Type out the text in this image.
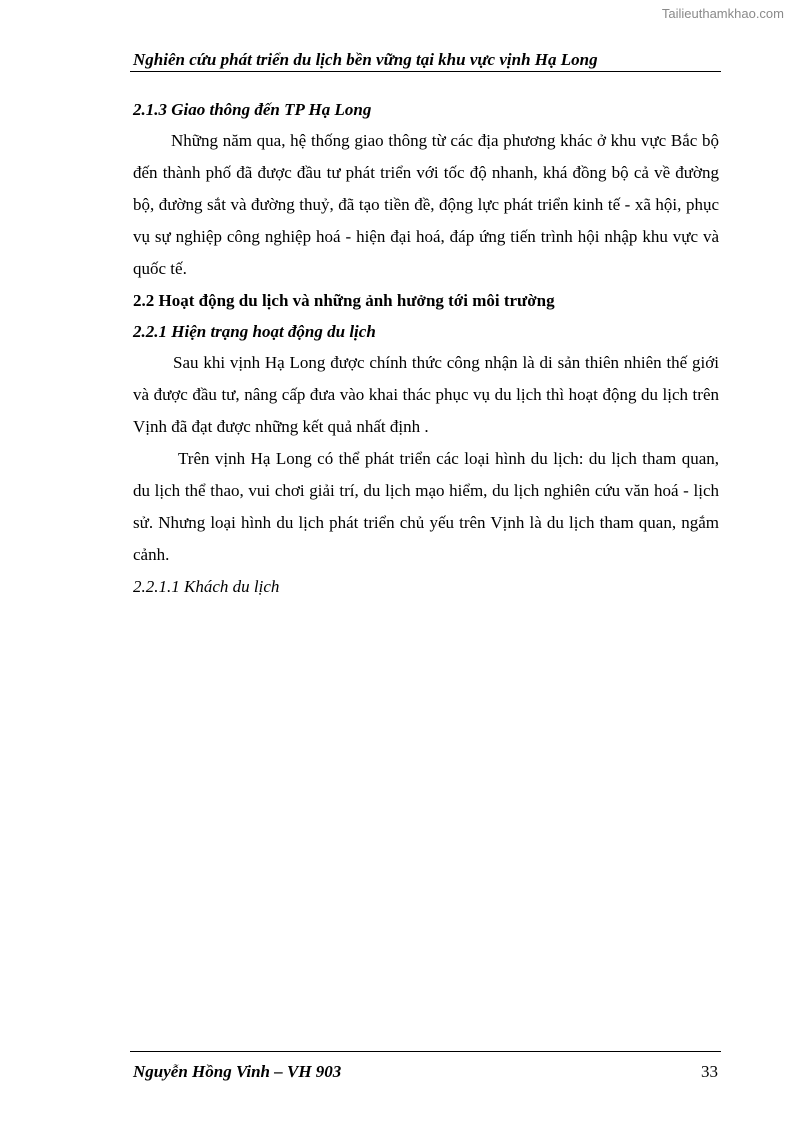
Tailieuthamkhao.com
Nghiên cứu phát triển du lịch bền vững tại khu vực vịnh Hạ Long

2.1.3 Giao thông đến TP Hạ Long

Những năm qua, hệ thống giao thông từ các địa phương khác ở khu vực Bắc bộ đến thành phố đã được đầu tư phát triển với tốc độ nhanh, khá đồng bộ cả về đường bộ, đường sắt và đường thuỷ, đã tạo tiền đề, động lực phát triển kinh tế - xã hội, phục vụ sự nghiệp công nghiệp hoá - hiện đại hoá, đáp ứng tiến trình hội nhập khu vực và quốc tế.

2.2 Hoạt động du lịch và những ảnh hưởng tới môi trường

2.2.1 Hiện trạng hoạt động du lịch

Sau khi vịnh Hạ Long được chính thức công nhận là di sản thiên nhiên thế giới và được đầu tư, nâng cấp đưa vào khai thác phục vụ du lịch thì hoạt động du lịch trên Vịnh đã đạt được những kết quả nhất định .

Trên vịnh Hạ Long có thể phát triển các loại hình du lịch: du lịch tham quan, du lịch thể thao, vui chơi giải trí, du lịch mạo hiểm, du lịch nghiên cứu văn hoá - lịch sử. Nhưng loại hình du lịch phát triển chủ yếu trên Vịnh là du lịch tham quan, ngắm cảnh.

2.2.1.1 Khách du lịch

Nguyễn Hồng Vinh – VH 903	33
